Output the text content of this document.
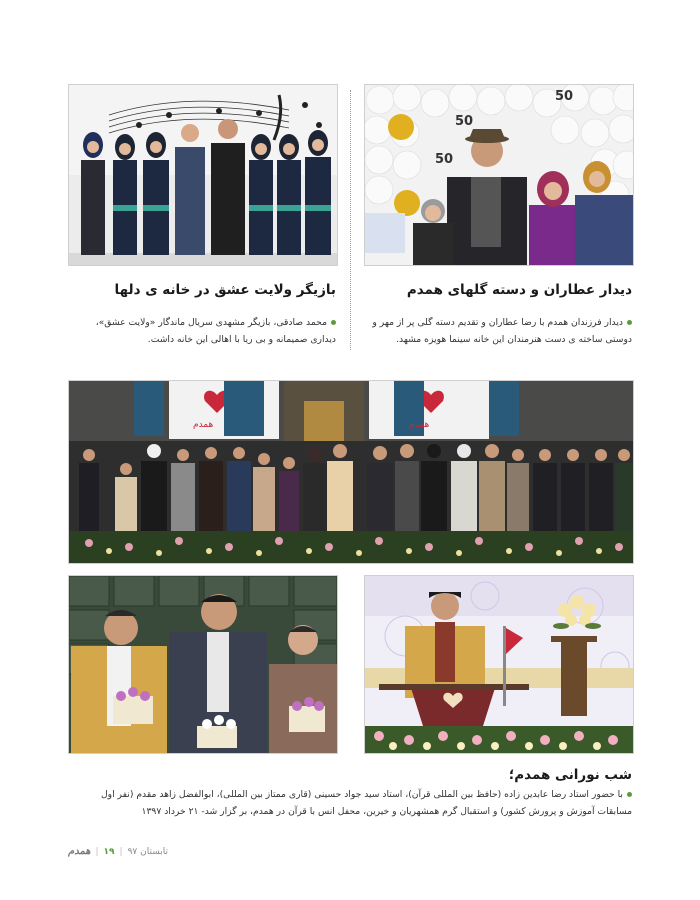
50
50
50
دیدار عطاران و دسته گلهای همدم
دیدار فرزندان همدم با رضا عطاران و تقدیم دسته گلی پر از مهر و دوستی ساخته ی دست هنرمندان این خانه سینما هویزه مشهد.
بازیگر ولایت عشق در خانه ی دلها
محمد صادقی، بازیگر مشهدی سریال ماندگار «ولایت عشق»، دیداری صمیمانه و بی ریا با اهالی این خانه داشت.
همدم	همدم
شب نورانی همدم؛
با حضور استاد رضا عابدین زاده (حافظ بین المللی قرآن)، استاد سید جواد حسینی (قاری ممتاز بین المللی)، ابوالفضل زاهد مقدم (نفر اول مسابقات آموزش و پرورش کشور) و استقبال گرم همشهریان و خیرین، محفل انس با قرآن در همدم، بر گزار شد- ۲۱ خرداد ۱۳۹۷
تابستان ۹۷
|
۱۹
|
همدم
